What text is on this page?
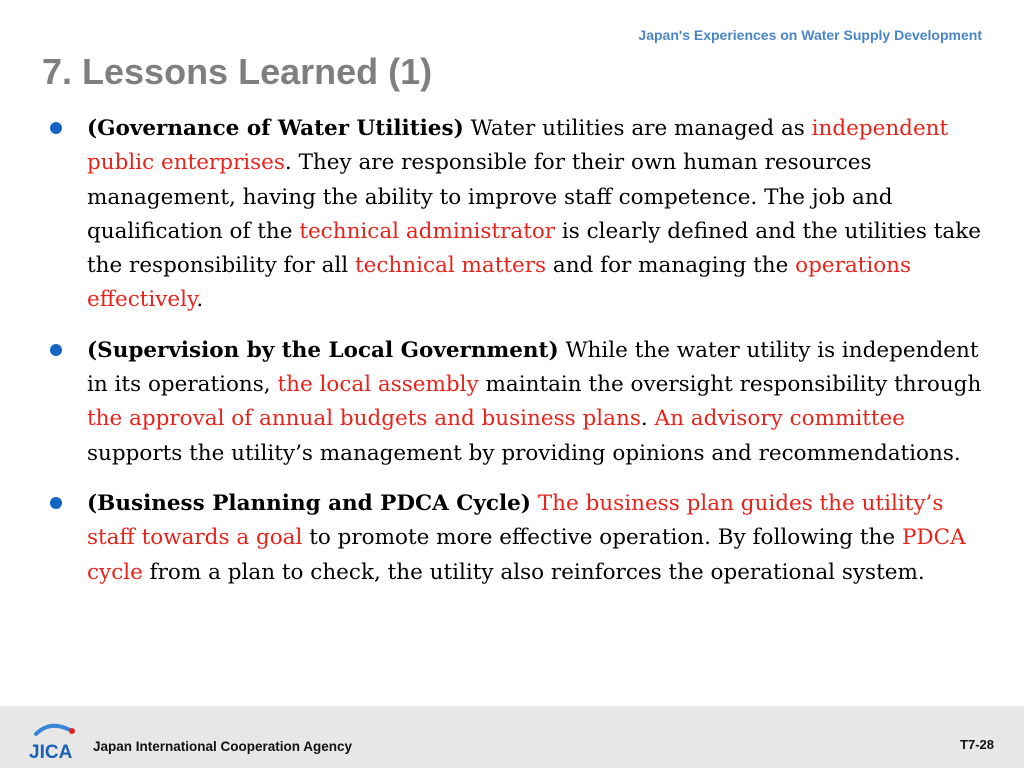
Japan's Experiences on Water Supply Development
7. Lessons Learned (1)
(Governance of Water Utilities) Water utilities are managed as independent public enterprises. They are responsible for their own human resources management, having the ability to improve staff competence. The job and qualification of the technical administrator is clearly defined and the utilities take the responsibility for all technical matters and for managing the operations effectively.
(Supervision by the Local Government) While the water utility is independent in its operations, the local assembly maintain the oversight responsibility through the approval of annual budgets and business plans. An advisory committee supports the utility’s management by providing opinions and recommendations.
(Business Planning and PDCA Cycle) The business plan guides the utility’s staff towards a goal to promote more effective operation. By following the PDCA cycle from a plan to check, the utility also reinforces the operational system.
JICA Japan International Cooperation Agency	T7-28
